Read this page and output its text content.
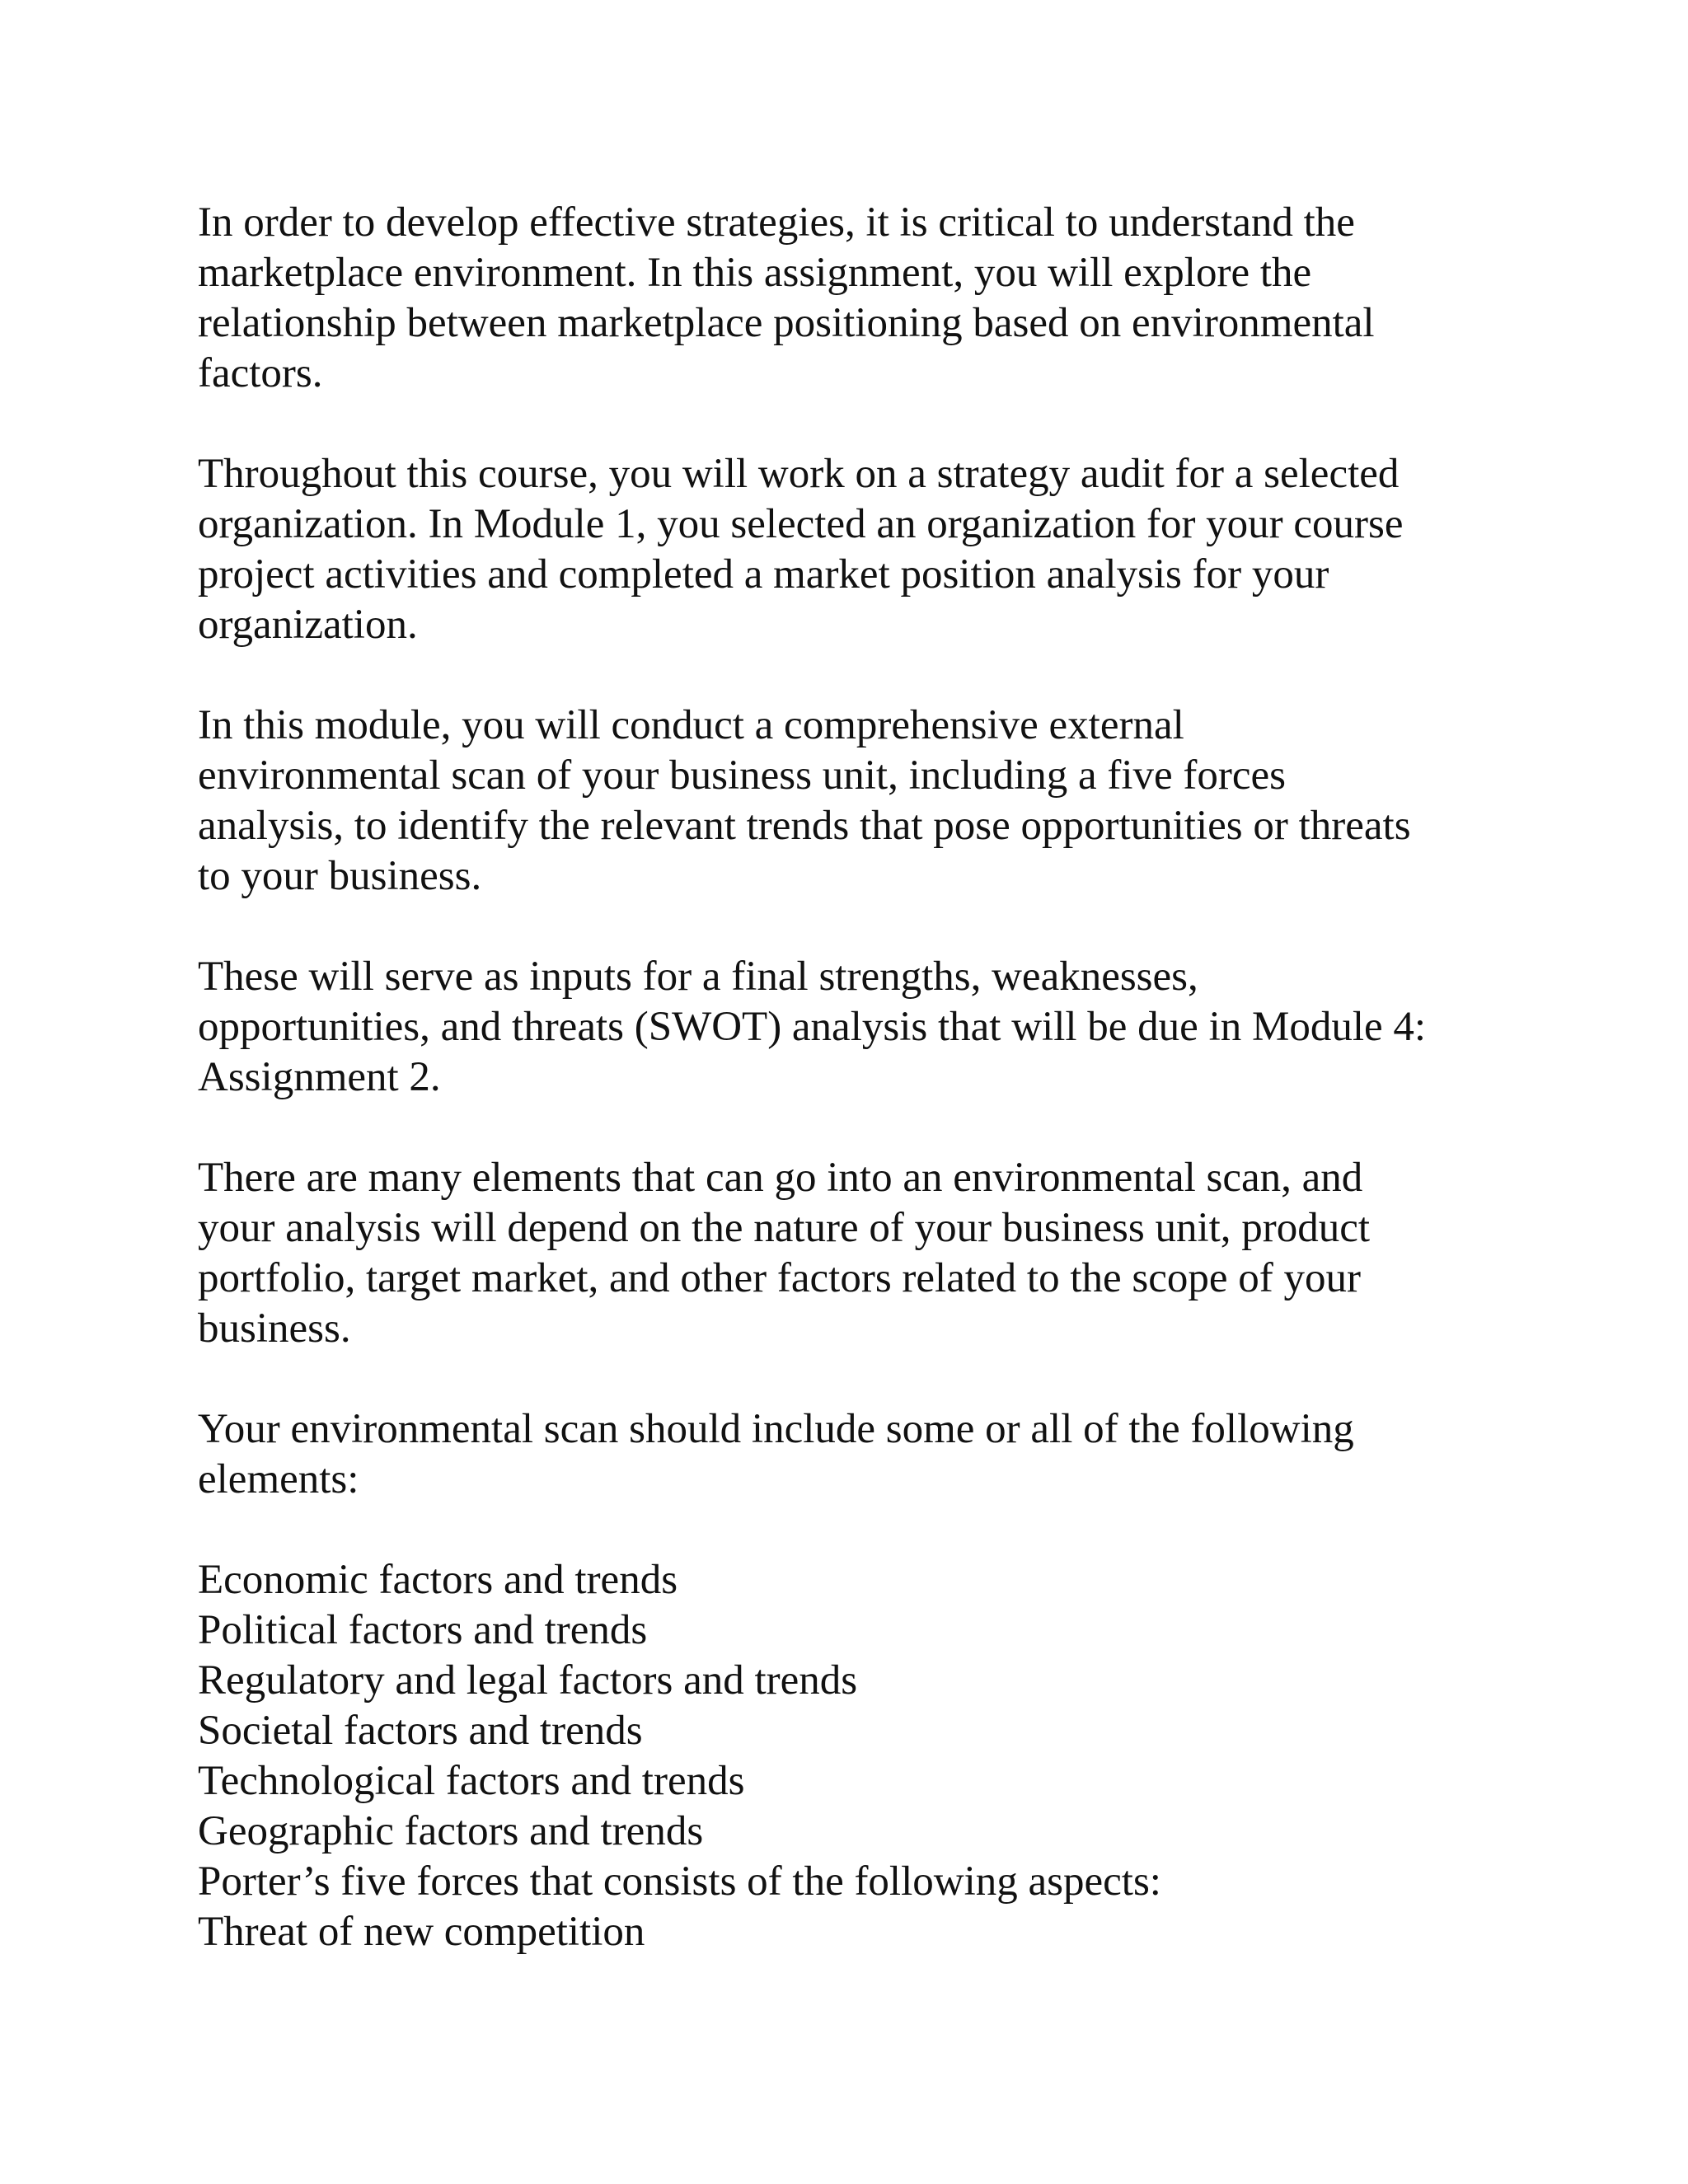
In order to develop effective strategies, it is critical to understand the
marketplace environment. In this assignment, you will explore the
relationship between marketplace positioning based on environmental
factors.

Throughout this course, you will work on a strategy audit for a selected
organization. In Module 1, you selected an organization for your course
project activities and completed a market position analysis for your
organization.

In this module, you will conduct a comprehensive external
environmental scan of your business unit, including a five forces
analysis, to identify the relevant trends that pose opportunities or threats
to your business.

These will serve as inputs for a final strengths, weaknesses,
opportunities, and threats (SWOT) analysis that will be due in Module 4:
Assignment 2.

There are many elements that can go into an environmental scan, and
your analysis will depend on the nature of your business unit, product
portfolio, target market, and other factors related to the scope of your
business.

Your environmental scan should include some or all of the following
elements:

Economic factors and trends
Political factors and trends
Regulatory and legal factors and trends
Societal factors and trends
Technological factors and trends
Geographic factors and trends
Porter’s five forces that consists of the following aspects:
Threat of new competition
